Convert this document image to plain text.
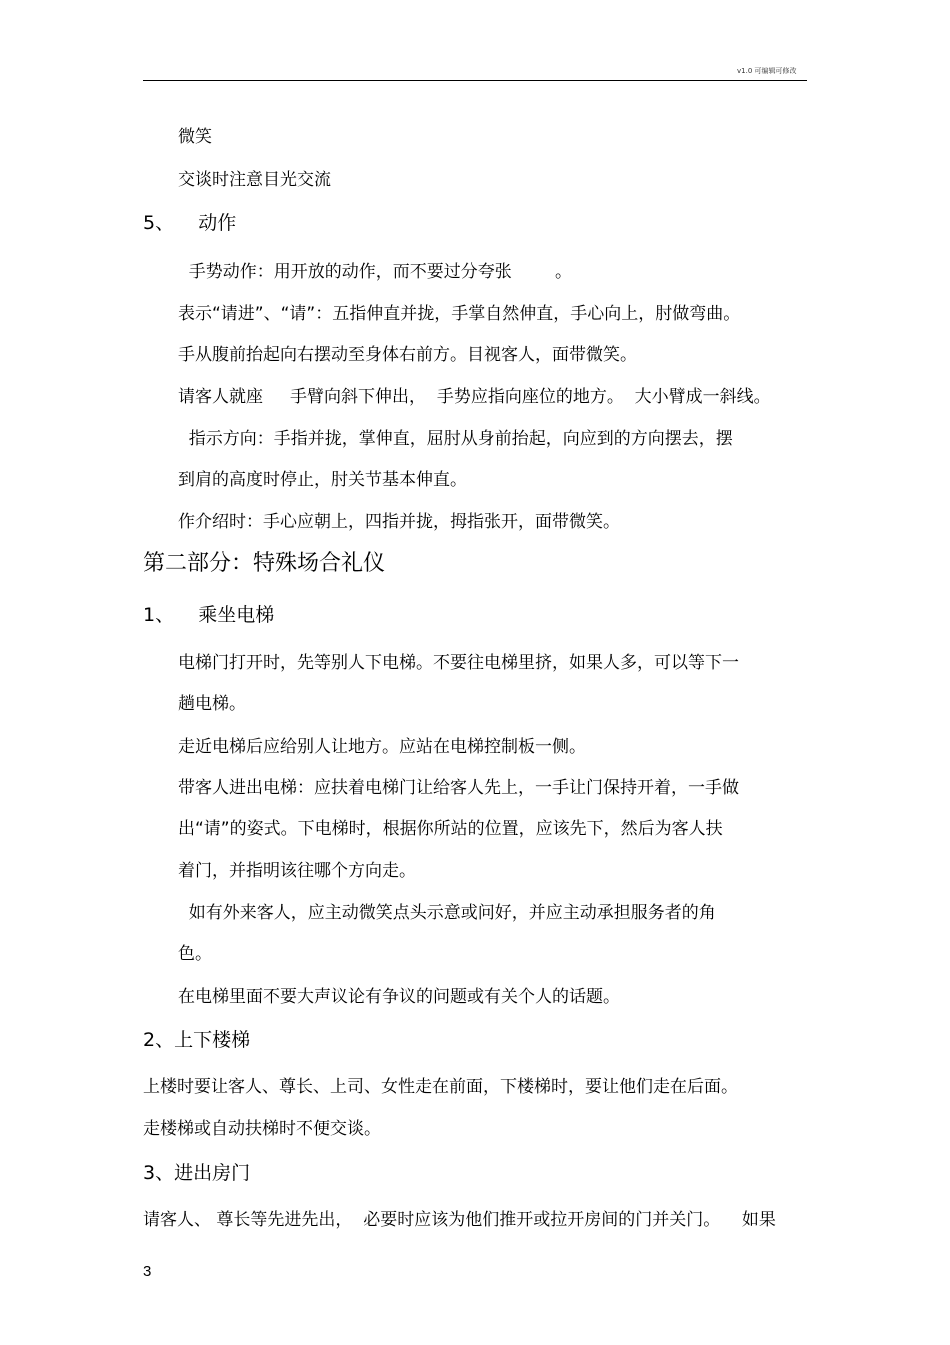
v1.0 可编辑可修改
微笑
交谈时注意目光交流
5、    动作
手势动作：用开放的动作，而不要过分夸张        。
表示“请进”、“请”：五指伸直并拢，手掌自然伸直，手心向上，肘做弯曲。
手从腹前抬起向右摆动至身体右前方。目视客人，面带微笑。
请客人就座     手臂向斜下伸出，  手势应指向座位的地方。  大小臂成一斜线。
指示方向：手指并拢，掌伸直，屈肘从身前抬起，向应到的方向摆去，摆
到肩的高度时停止，肘关节基本伸直。
作介绍时：手心应朝上，四指并拢，拇指张开，面带微笑。
第二部分：特殊场合礼仪
1、    乘坐电梯
电梯门打开时，先等别人下电梯。不要往电梯里挤，如果人多，可以等下一
趟电梯。
走近电梯后应给别人让地方。应站在电梯控制板一侧。
带客人进出电梯：应扶着电梯门让给客人先上，一手让门保持开着，一手做
出“请”的姿式。下电梯时，根据你所站的位置，应该先下，然后为客人扶
着门，并指明该往哪个方向走。
如有外来客人，应主动微笑点头示意或问好，并应主动承担服务者的角
色。
在电梯里面不要大声议论有争议的问题或有关个人的话题。
2、上下楼梯
上楼时要让客人、尊长、上司、女性走在前面，下楼梯时，要让他们走在后面。
走楼梯或自动扶梯时不便交谈。
3、进出房门
请客人、 尊长等先进先出，  必要时应该为他们推开或拉开房间的门并关门。    如果
3
